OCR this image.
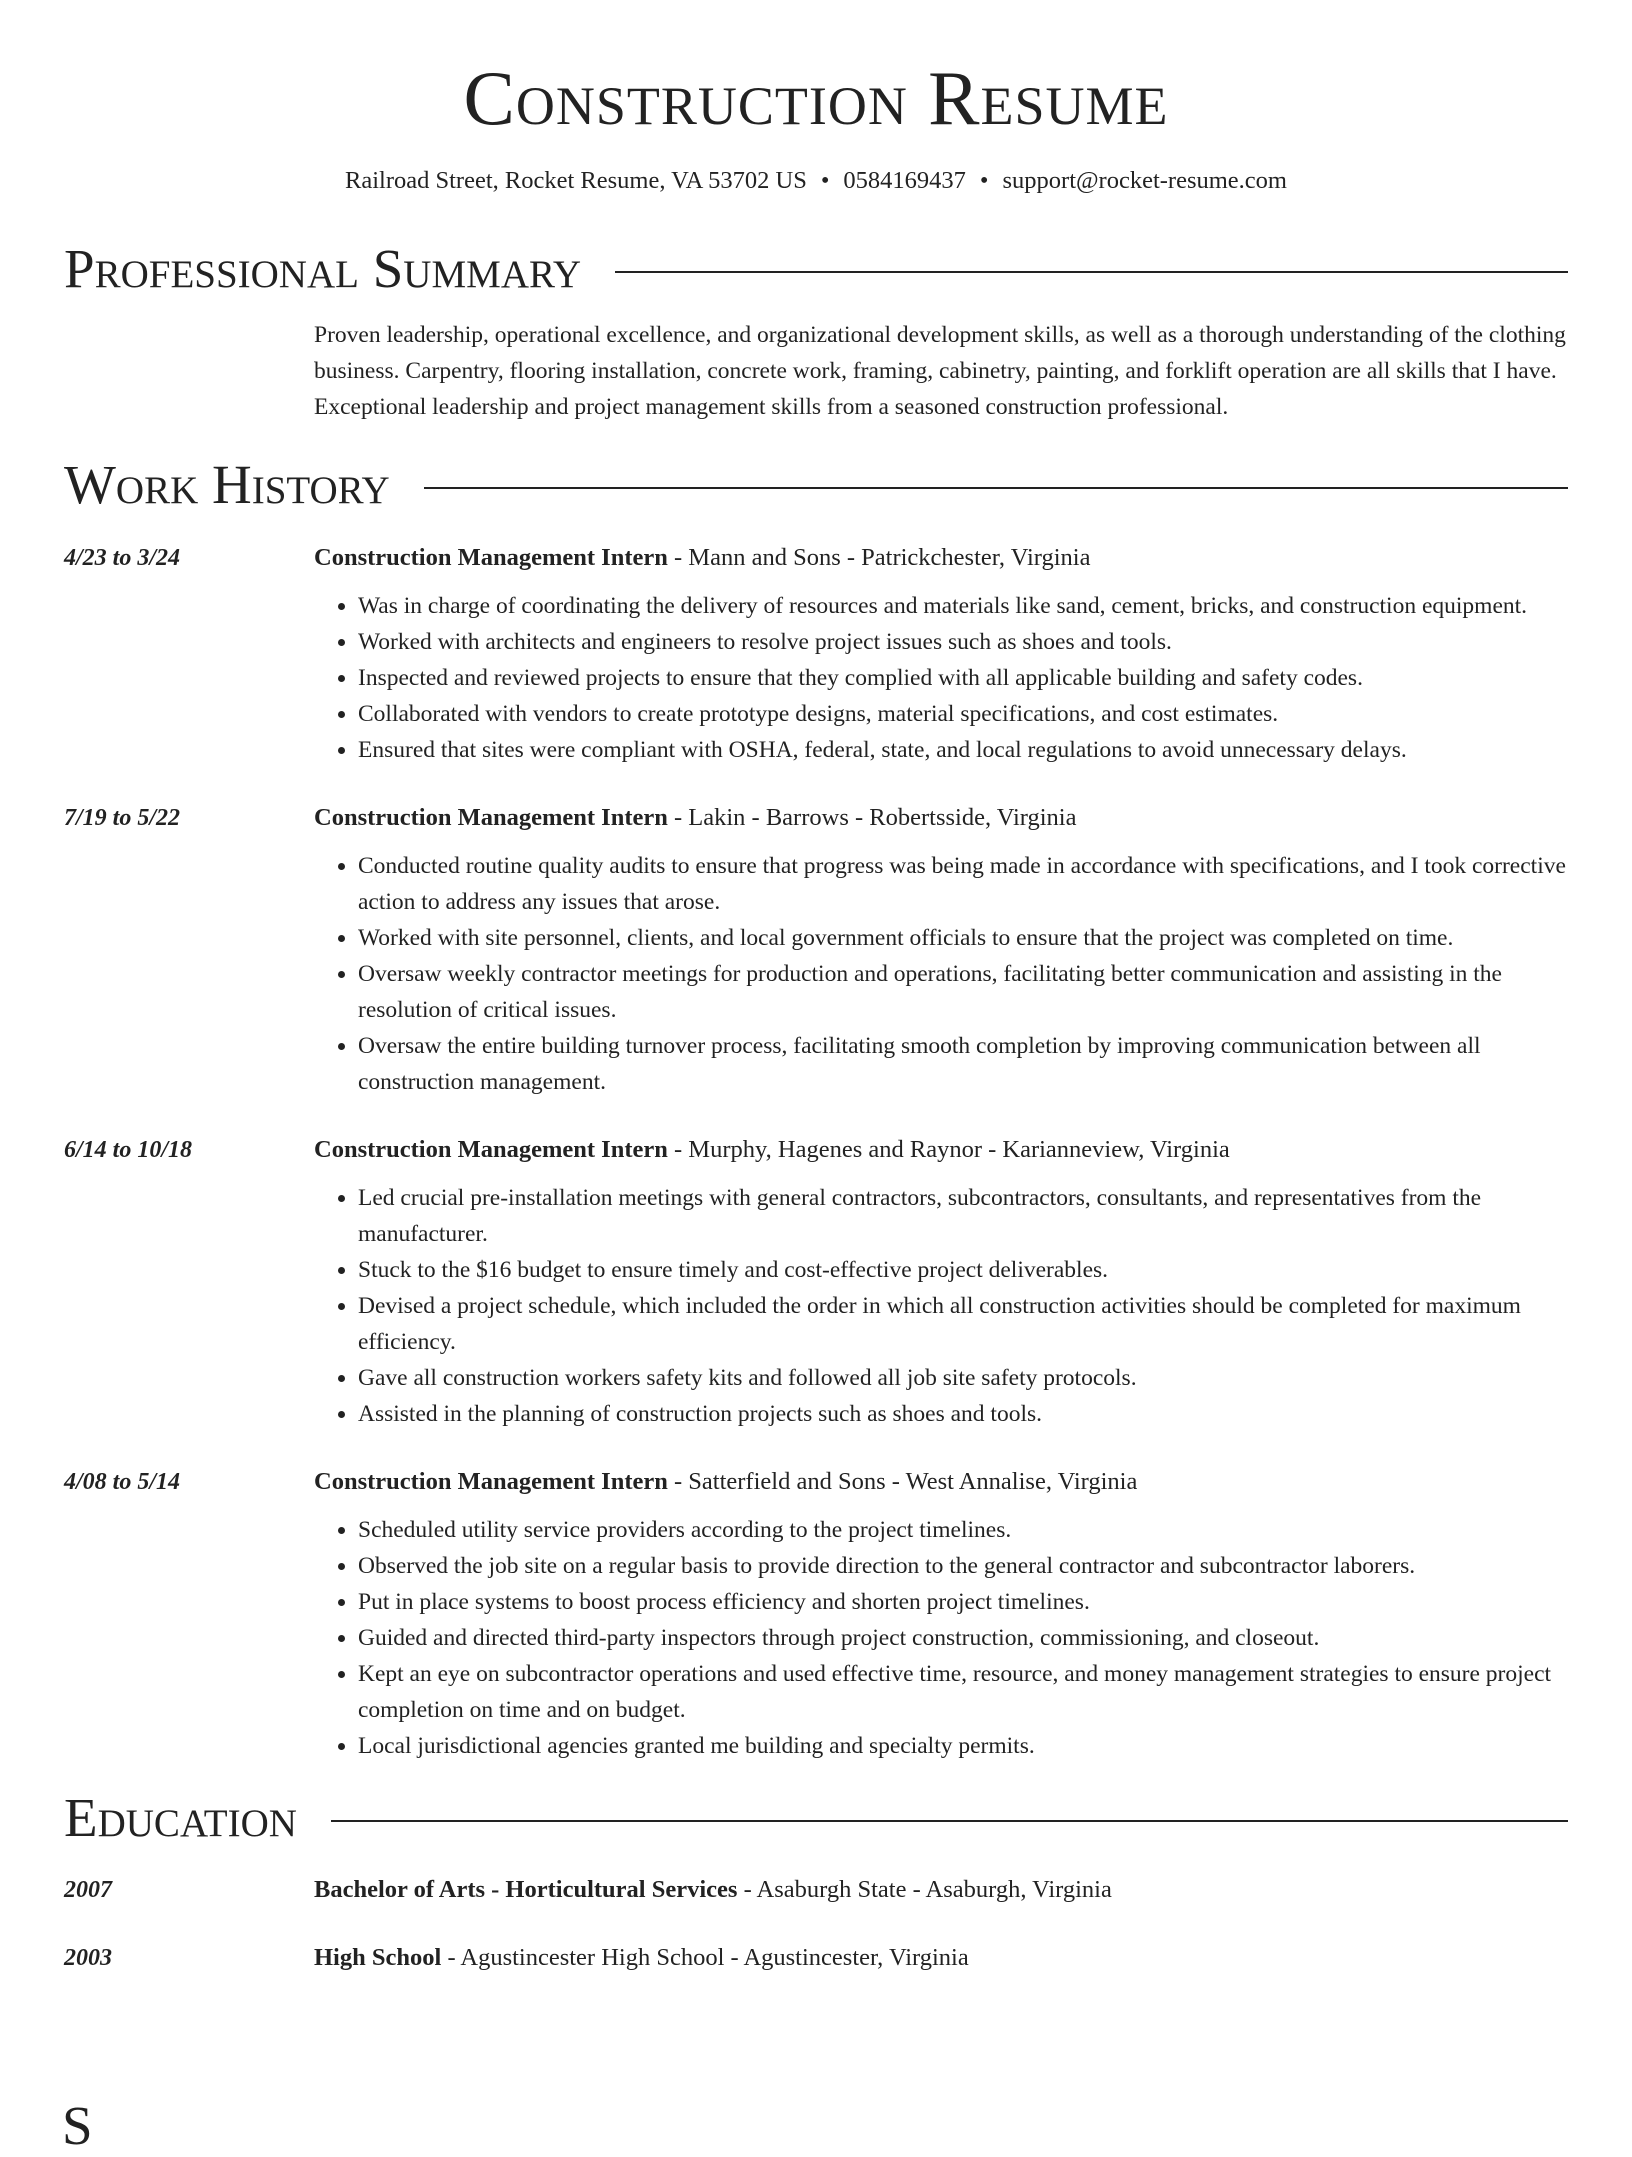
Construction Resume
Railroad Street, Rocket Resume, VA 53702 US • 0584169437 • support@rocket-resume.com
Professional Summary
Proven leadership, operational excellence, and organizational development skills, as well as a thorough understanding of the clothing business. Carpentry, flooring installation, concrete work, framing, cabinetry, painting, and forklift operation are all skills that I have. Exceptional leadership and project management skills from a seasoned construction professional.
Work History
4/23 to 3/24	Construction Management Intern - Mann and Sons - Patrickchester, Virginia
• Was in charge of coordinating the delivery of resources and materials like sand, cement, bricks, and construction equipment.
• Worked with architects and engineers to resolve project issues such as shoes and tools.
• Inspected and reviewed projects to ensure that they complied with all applicable building and safety codes.
• Collaborated with vendors to create prototype designs, material specifications, and cost estimates.
• Ensured that sites were compliant with OSHA, federal, state, and local regulations to avoid unnecessary delays.
7/19 to 5/22	Construction Management Intern - Lakin - Barrows - Robertsside, Virginia
• Conducted routine quality audits to ensure that progress was being made in accordance with specifications, and I took corrective action to address any issues that arose.
• Worked with site personnel, clients, and local government officials to ensure that the project was completed on time.
• Oversaw weekly contractor meetings for production and operations, facilitating better communication and assisting in the resolution of critical issues.
• Oversaw the entire building turnover process, facilitating smooth completion by improving communication between all construction management.
6/14 to 10/18	Construction Management Intern - Murphy, Hagenes and Raynor - Karianneview, Virginia
• Led crucial pre-installation meetings with general contractors, subcontractors, consultants, and representatives from the manufacturer.
• Stuck to the $16 budget to ensure timely and cost-effective project deliverables.
• Devised a project schedule, which included the order in which all construction activities should be completed for maximum efficiency.
• Gave all construction workers safety kits and followed all job site safety protocols.
• Assisted in the planning of construction projects such as shoes and tools.
4/08 to 5/14	Construction Management Intern - Satterfield and Sons - West Annalise, Virginia
• Scheduled utility service providers according to the project timelines.
• Observed the job site on a regular basis to provide direction to the general contractor and subcontractor laborers.
• Put in place systems to boost process efficiency and shorten project timelines.
• Guided and directed third-party inspectors through project construction, commissioning, and closeout.
• Kept an eye on subcontractor operations and used effective time, resource, and money management strategies to ensure project completion on time and on budget.
• Local jurisdictional agencies granted me building and specialty permits.
Education
2007	Bachelor of Arts - Horticultural Services - Asaburgh State - Asaburgh, Virginia
2003	High School - Agustincester High School - Agustincester, Virginia
S
